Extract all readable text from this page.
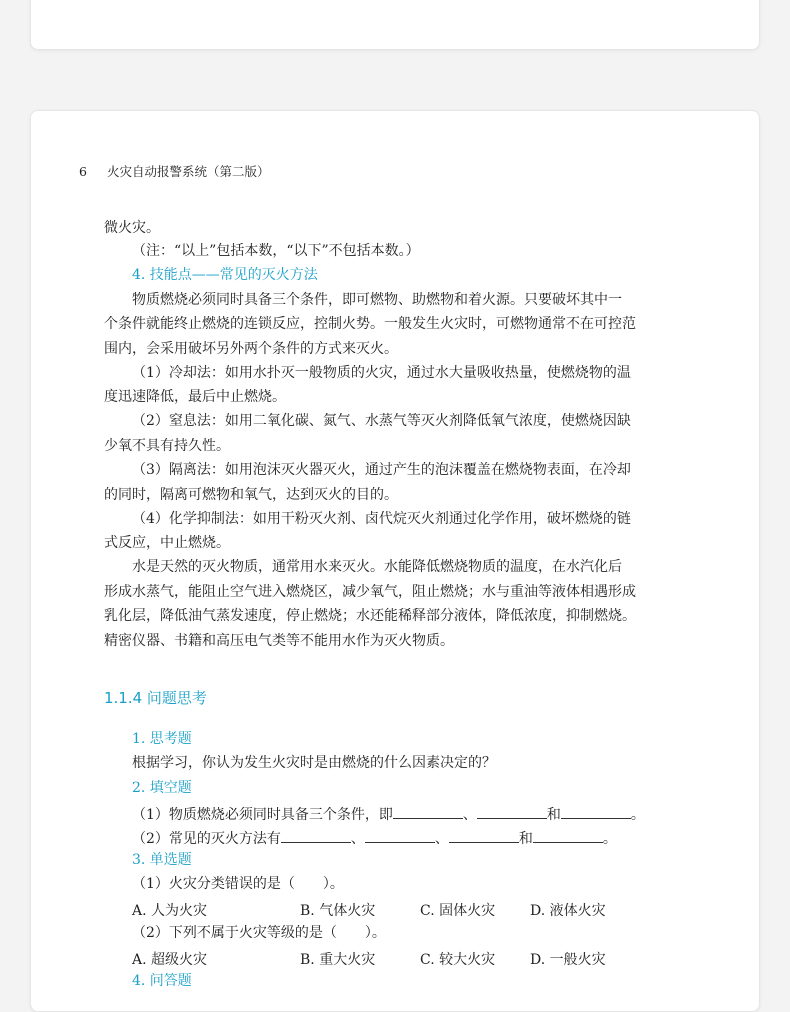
6 火灾自动报警系统（第二版）
微火灾。
（注：“以上”包括本数，“以下”不包括本数。）
4. 技能点——常见的灭火方法
物质燃烧必须同时具备三个条件，即可燃物、助燃物和着火源。只要破坏其中一
个条件就能终止燃烧的连锁反应，控制火势。一般发生火灾时，可燃物通常不在可控范
围内，会采用破坏另外两个条件的方式来灭火。
（1）冷却法：如用水扑灭一般物质的火灾，通过水大量吸收热量，使燃烧物的温
度迅速降低，最后中止燃烧。
（2）窒息法：如用二氧化碳、氮气、水蒸气等灭火剂降低氧气浓度，使燃烧因缺
少氧不具有持久性。
（3）隔离法：如用泡沫灭火器灭火，通过产生的泡沫覆盖在燃烧物表面，在冷却
的同时，隔离可燃物和氧气，达到灭火的目的。
（4）化学抑制法：如用干粉灭火剂、卤代烷灭火剂通过化学作用，破坏燃烧的链
式反应，中止燃烧。
水是天然的灭火物质，通常用水来灭火。水能降低燃烧物质的温度，在水汽化后
形成水蒸气，能阻止空气进入燃烧区，减少氧气，阻止燃烧；水与重油等液体相遇形成
乳化层，降低油气蒸发速度，停止燃烧；水还能稀释部分液体，降低浓度，抑制燃烧。
精密仪器、书籍和高压电气类等不能用水作为灭火物质。
1.1.4 问题思考
1. 思考题
根据学习，你认为发生火灾时是由燃烧的什么因素决定的？
2. 填空题
（1）物质燃烧必须同时具备三个条件，即	、	和	。
（2）常见的灭火方法有	、	、	和	。
3. 单选题
（1）火灾分类错误的是（ ）。
A. 人为火灾	B. 气体火灾	C. 固体火灾 D. 液体火灾
（2）下列不属于火灾等级的是（ ）。
A. 超级火灾	B. 重大火灾	C. 较大火灾 D. 一般火灾
4. 问答题
